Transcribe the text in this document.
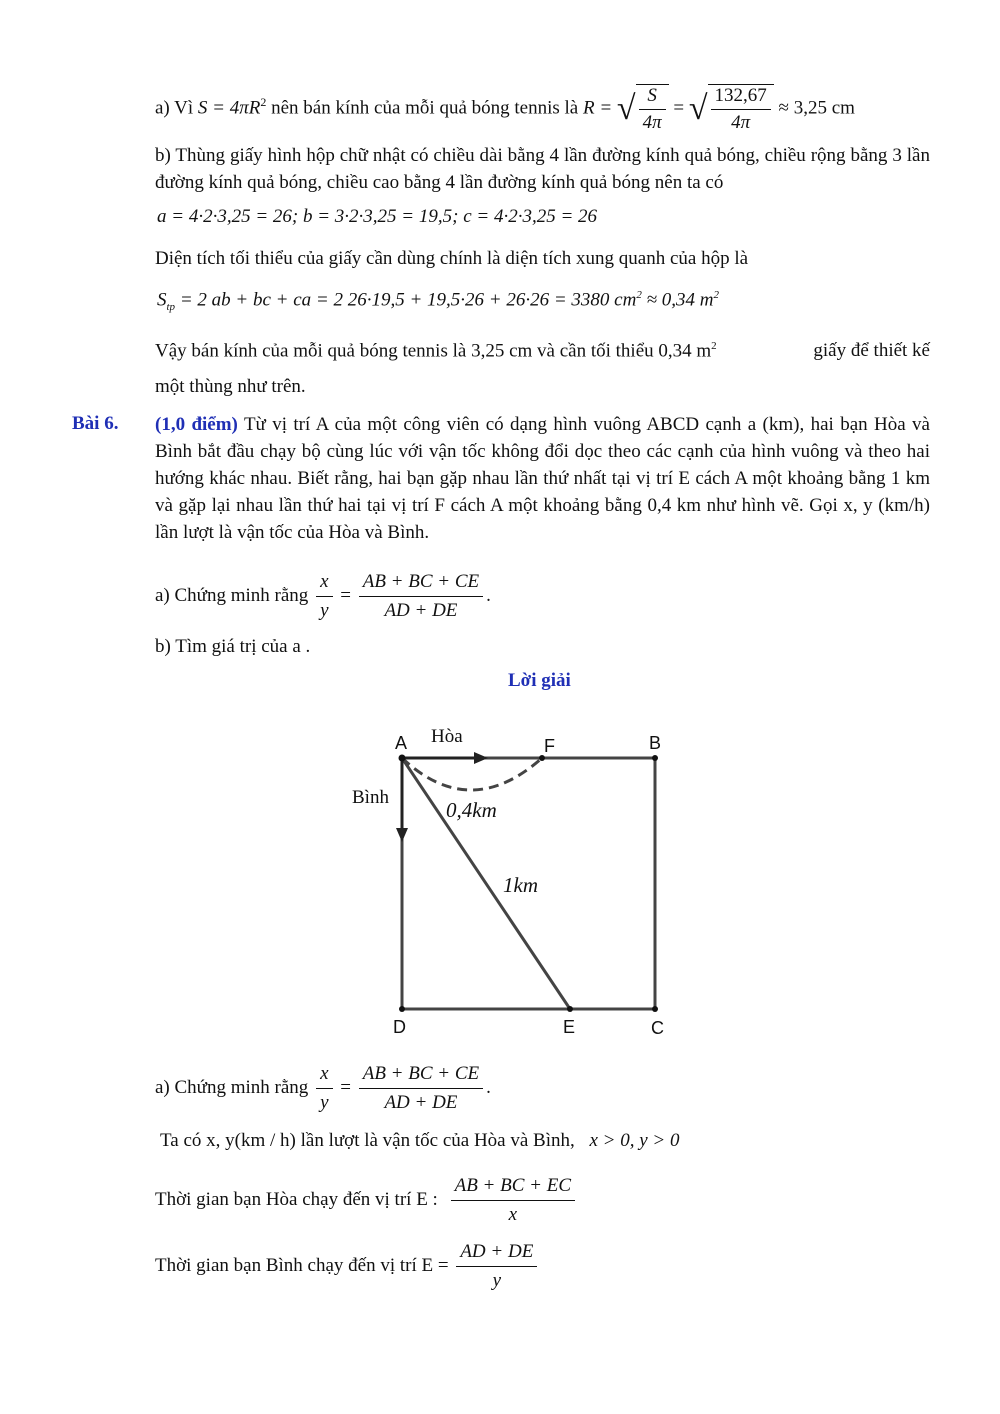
a) Vì $S = 4\pi R^2$ nên bán kính của mỗi quả bóng tennis là R = √ $\frac{S}{4\pi}$ = √ $\frac{132,67}{4\pi} \approx 3,25$ cm
b) Thùng giấy hình hộp chữ nhật có chiều dài bằng 4 lần đường kính quả bóng, chiều rộng bằng 3 lần đường kính quả bóng, chiều cao bằng 4 lần đường kính quả bóng nên ta có
a = 4·2·3,25 = 26; b = 3·2·3,25 = 19,5; c = 4·2·3,25 = 26
Diện tích tối thiểu của giấy cần dùng chính là diện tích xung quanh của hộp là
$S_{tp} = 2$ ab + bc + ca = 2 26·19,5 + 19,5·26 + 26·26 = 3380 $cm^2 \approx 0,34$ $m^2$
Vậy bán kính của mỗi quả bóng tennis là 3,25 cm và cần tối thiểu 0,34 $m^2$	giấy để thiết kế
một thùng như trên.
Bài 6. (1,0 điểm) Từ vị trí A của một công viên có dạng hình vuông ABCD cạnh a (km), hai bạn Hòa và Bình bắt đầu chạy bộ cùng lúc với vận tốc không đổi dọc theo các cạnh của hình vuông và theo hai hướng khác nhau. Biết rằng, hai bạn gặp nhau lần thứ nhất tại vị trí E cách A một khoảng bằng 1 km và gặp lại nhau lần thứ hai tại vị trí F cách A một khoảng bằng 0,4 km như hình vẽ. Gọi x, y (km/h) lần lượt là vận tốc của Hòa và Bình.
a) Chứng minh rằng $\frac{x}{y} = \frac{AB + BC + CE}{AD + DE}$ .
b) Tìm giá trị của a .
Lời giải
A	F	B
D	E	C
Hòa
Bình
0,4km
1km
a) Chứng minh rằng $\frac{x}{y} = \frac{AB + BC + CE}{AD + DE}$ .
Ta có x, y(km / h) lần lượt là vận tốc của Hòa và Bình, x > 0, y > 0
Thời gian bạn Hòa chạy đến vị trí E : $\frac{AB + BC + EC}{x}$
Thời gian bạn Bình chạy đến vị trí $E = \frac{AD + DE}{y}$
